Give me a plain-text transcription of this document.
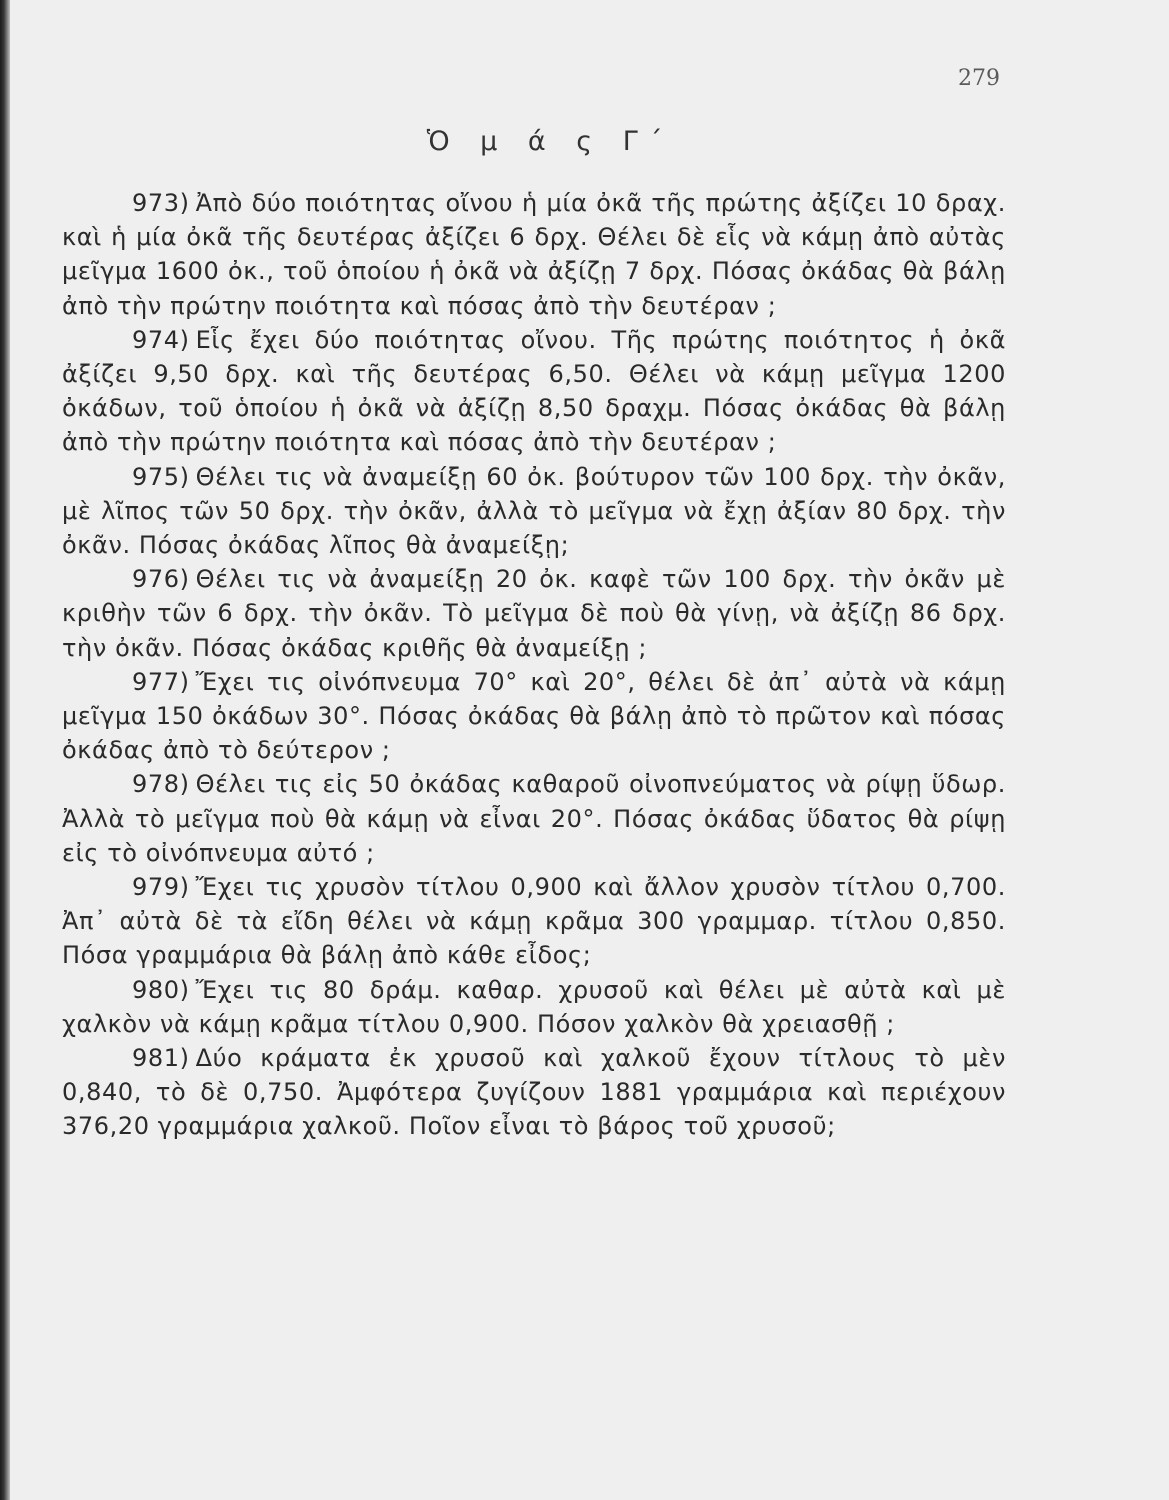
279
Ὁ μ ά ς Γ΄

973) Ἀπὸ δύο ποιότητας οἴνου ἡ μία ὀκᾶ τῆς πρώτης ἀξίζει 10 δραχ. καὶ ἡ μία ὀκᾶ τῆς δευτέρας ἀξίζει 6 δρχ. Θέλει δὲ εἷς νὰ κάμῃ ἀπὸ αὐτὰς μεῖγμα 1600 ὀκ., τοῦ ὁποίου ἡ ὀκᾶ νὰ ἀξίζῃ 7 δρχ. Πόσας ὀκάδας θὰ βάλῃ ἀπὸ τὴν πρώτην ποιότητα καὶ πόσας ἀπὸ τὴν δευτέραν ;

974) Εἷς ἔχει δύο ποιότητας οἴνου. Τῆς πρώτης ποιότητος ἡ ὀκᾶ ἀξίζει 9,50 δρχ. καὶ τῆς δευτέρας 6,50. Θέλει νὰ κάμῃ μεῖγμα 1200 ὀκάδων, τοῦ ὁποίου ἡ ὀκᾶ νὰ ἀξίζῃ 8,50 δραχμ. Πόσας ὀκάδας θὰ βάλῃ ἀπὸ τὴν πρώτην ποιότητα καὶ πόσας ἀπὸ τὴν δευτέραν ;

975) Θέλει τις νὰ ἀναμείξῃ 60 ὀκ. βούτυρον τῶν 100 δρχ. τὴν ὀκᾶν, μὲ λῖπος τῶν 50 δρχ. τὴν ὀκᾶν, ἀλλὰ τὸ μεῖγμα νὰ ἔχῃ ἀξίαν 80 δρχ. τὴν ὀκᾶν. Πόσας ὀκάδας λῖπος θὰ ἀναμείξῃ;

976) Θέλει τις νὰ ἀναμείξῃ 20 ὀκ. καφὲ τῶν 100 δρχ. τὴν ὀκᾶν μὲ κριθὴν τῶν 6 δρχ. τὴν ὀκᾶν. Τὸ μεῖγμα δὲ ποὺ θὰ γίνῃ, νὰ ἀξίζῃ 86 δρχ. τὴν ὀκᾶν. Πόσας ὀκάδας κριθῆς θὰ ἀναμείξῃ ;

977) Ἔχει τις οἰνόπνευμα 70° καὶ 20°, θέλει δὲ ἀπ᾽ αὐτὰ νὰ κάμῃ μεῖγμα 150 ὀκάδων 30°. Πόσας ὀκάδας θὰ βάλῃ ἀπὸ τὸ πρῶτον καὶ πόσας ὀκάδας ἀπὸ τὸ δεύτερον ;

978) Θέλει τις εἰς 50 ὀκάδας καθαροῦ οἰνοπνεύματος νὰ ρίψῃ ὕδωρ. Ἀλλὰ τὸ μεῖγμα ποὺ θὰ κάμῃ νὰ εἶναι 20°. Πόσας ὀκάδας ὕδατος θὰ ρίψῃ εἰς τὸ οἰνόπνευμα αὐτό ;

979) Ἔχει τις χρυσὸν τίτλου 0,900 καὶ ἄλλον χρυσὸν τίτλου 0,700. Ἀπ᾽ αὐτὰ δὲ τὰ εἴδη θέλει νὰ κάμῃ κρᾶμα 300 γραμμαρ. τίτλου 0,850. Πόσα γραμμάρια θὰ βάλῃ ἀπὸ κάθε εἶδος;

980) Ἔχει τις 80 δράμ. καθαρ. χρυσοῦ καὶ θέλει μὲ αὐτὰ καὶ μὲ χαλκὸν νὰ κάμῃ κρᾶμα τίτλου 0,900. Πόσον χαλκὸν θὰ χρειασθῇ ;

981) Δύο κράματα ἐκ χρυσοῦ καὶ χαλκοῦ ἔχουν τίτλους τὸ μὲν 0,840, τὸ δὲ 0,750. Ἀμφότερα ζυγίζουν 1881 γραμμάρια καὶ περιέχουν 376,20 γραμμάρια χαλκοῦ. Ποῖον εἶναι τὸ βάρος τοῦ χρυσοῦ;
